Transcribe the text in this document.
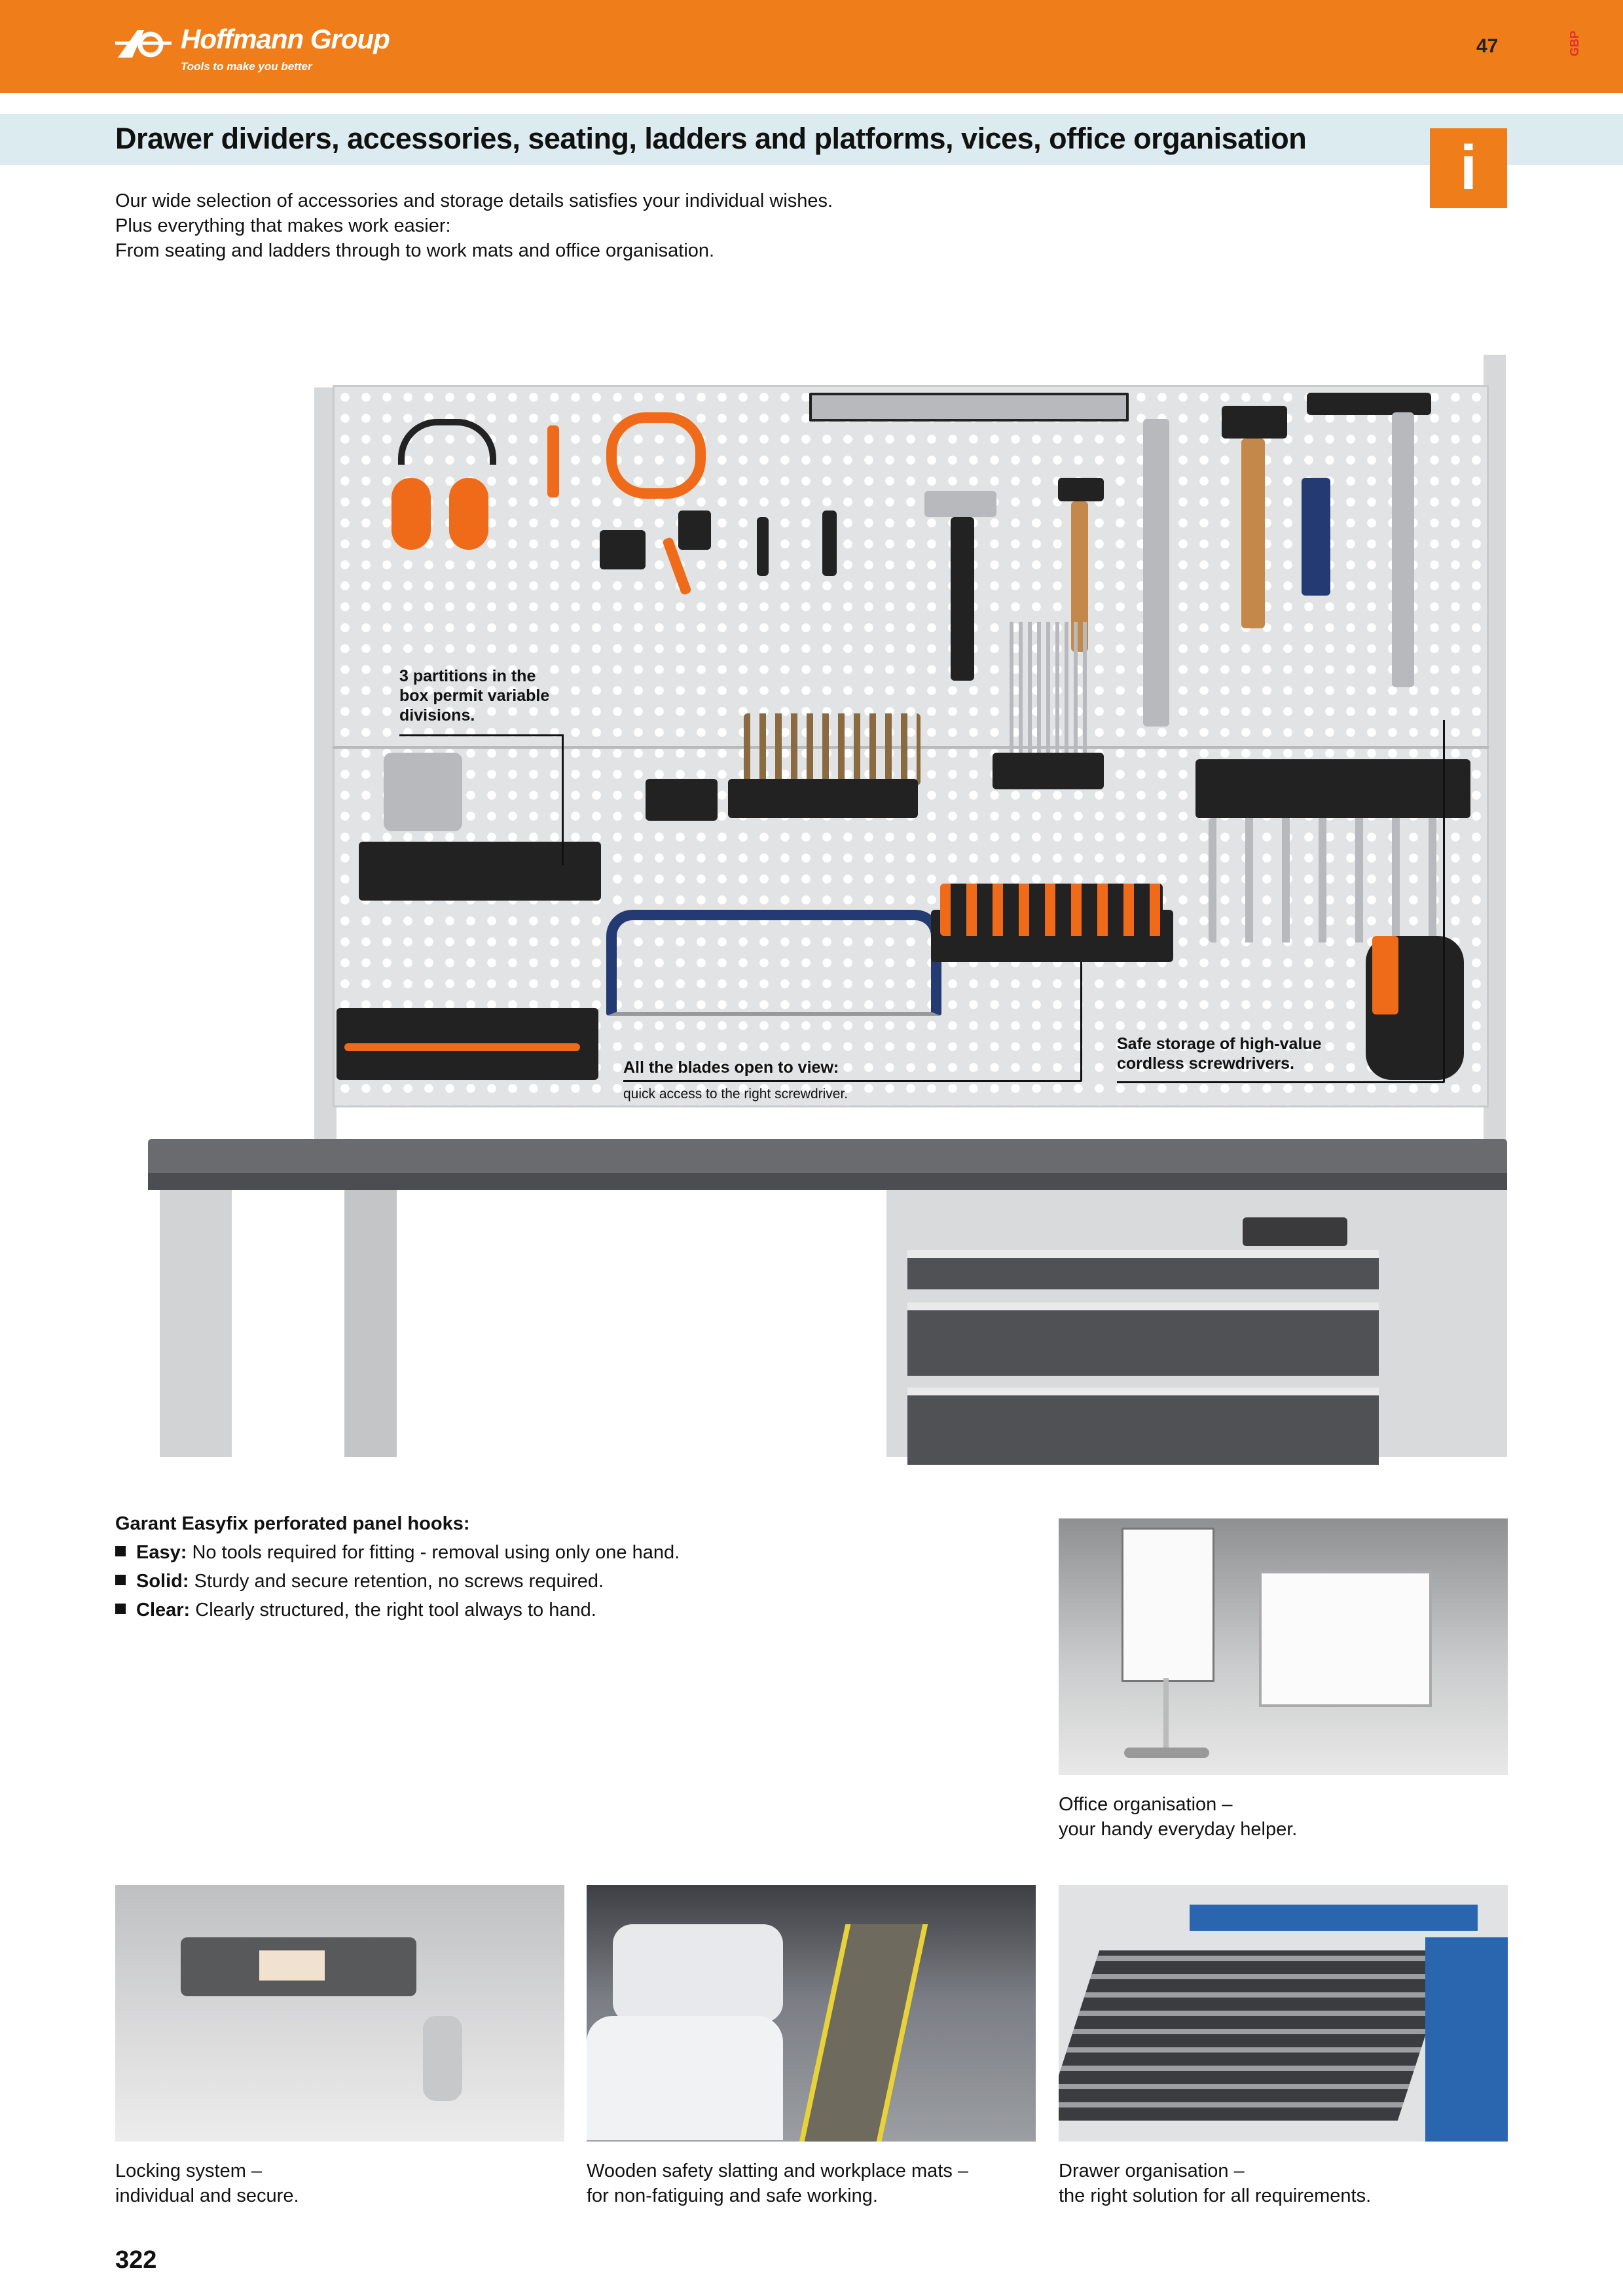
Hoffmann Group
Tools to make you better
47	GBP
Drawer dividers, accessories, seating, ladders and platforms, vices, office organisation	i
Our wide selection of accessories and storage details satisfies your individual wishes.
Plus everything that makes work easier:
From seating and ladders through to work mats and office organisation.
3 partitions in the
box permit variable
divisions.
All the blades open to view:
quick access to the right screwdriver.
Safe storage of high-value
cordless screwdrivers.
Garant Easyfix perforated panel hooks:
Easy: No tools required for fitting - removal using only one hand.
Solid: Sturdy and secure retention, no screws required.
Clear: Clearly structured, the right tool always to hand.
Office organisation –
your handy everyday helper.
Locking system –
individual and secure.
Wooden safety slatting and workplace mats –
for non-fatiguing and safe working.
Drawer organisation –
the right solution for all requirements.
322
